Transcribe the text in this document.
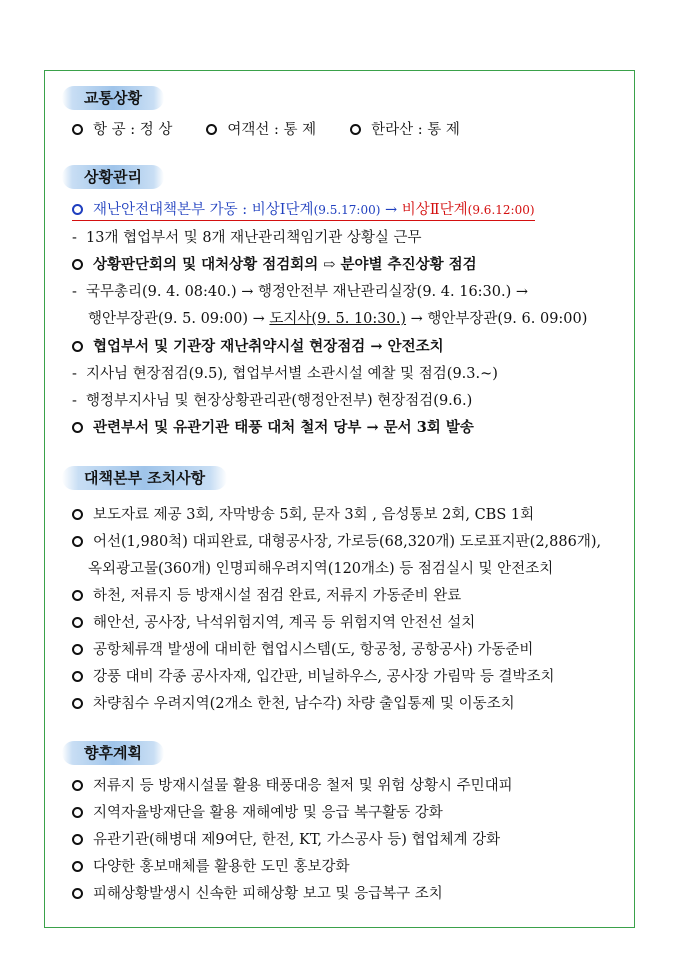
교통상황
항 공 : 정 상	여객선 : 통 제	한라산 : 통 제
상황관리
재난안전대책본부 가동 : 비상Ⅰ단계(9.5.17:00) → 비상Ⅱ단계(9.6.12:00)
- 13개 협업부서 및 8개 재난관리책임기관 상황실 근무
상황판단회의 및 대처상황 점검회의 ⇨ 분야별 추진상황 점검
- 국무총리(9. 4. 08:40.) → 행정안전부 재난관리실장(9. 4. 16:30.) →
행안부장관(9. 5. 09:00) → 도지사(9. 5. 10:30.) → 행안부장관(9. 6. 09:00)
협업부서 및 기관장 재난취약시설 현장점검 → 안전조치
- 지사님 현장점검(9.5), 협업부서별 소관시설 예찰 및 점검(9.3.~)
- 행정부지사님 및 현장상황관리관(행정안전부) 현장점검(9.6.)
관련부서 및 유관기관 태풍 대처 철저 당부 → 문서 3회 발송
대책본부 조치사항
보도자료 제공 3회, 자막방송 5회, 문자 3회 , 음성통보 2회, CBS 1회
어선(1,980척) 대피완료, 대형공사장, 가로등(68,320개) 도로표지판(2,886개),
옥외광고물(360개) 인명피해우려지역(120개소) 등 점검실시 및 안전조치
하천, 저류지 등 방재시설 점검 완료, 저류지 가동준비 완료
해안선, 공사장, 낙석위험지역, 계곡 등 위험지역 안전선 설치
공항체류객 발생에 대비한 협업시스템(도, 항공청, 공항공사) 가동준비
강풍 대비 각종 공사자재, 입간판, 비닐하우스, 공사장 가림막 등 결박조치
차량침수 우려지역(2개소 한천, 남수각) 차량 출입통제 및 이동조치
향후계획
저류지 등 방재시설물 활용 태풍대응 철저 및 위험 상황시 주민대피
지역자율방재단을 활용 재해예방 및 응급 복구활동 강화
유관기관(해병대 제9여단, 한전, KT, 가스공사 등) 협업체계 강화
다양한 홍보매체를 활용한 도민 홍보강화
피해상황발생시 신속한 피해상황 보고 및 응급복구 조치
